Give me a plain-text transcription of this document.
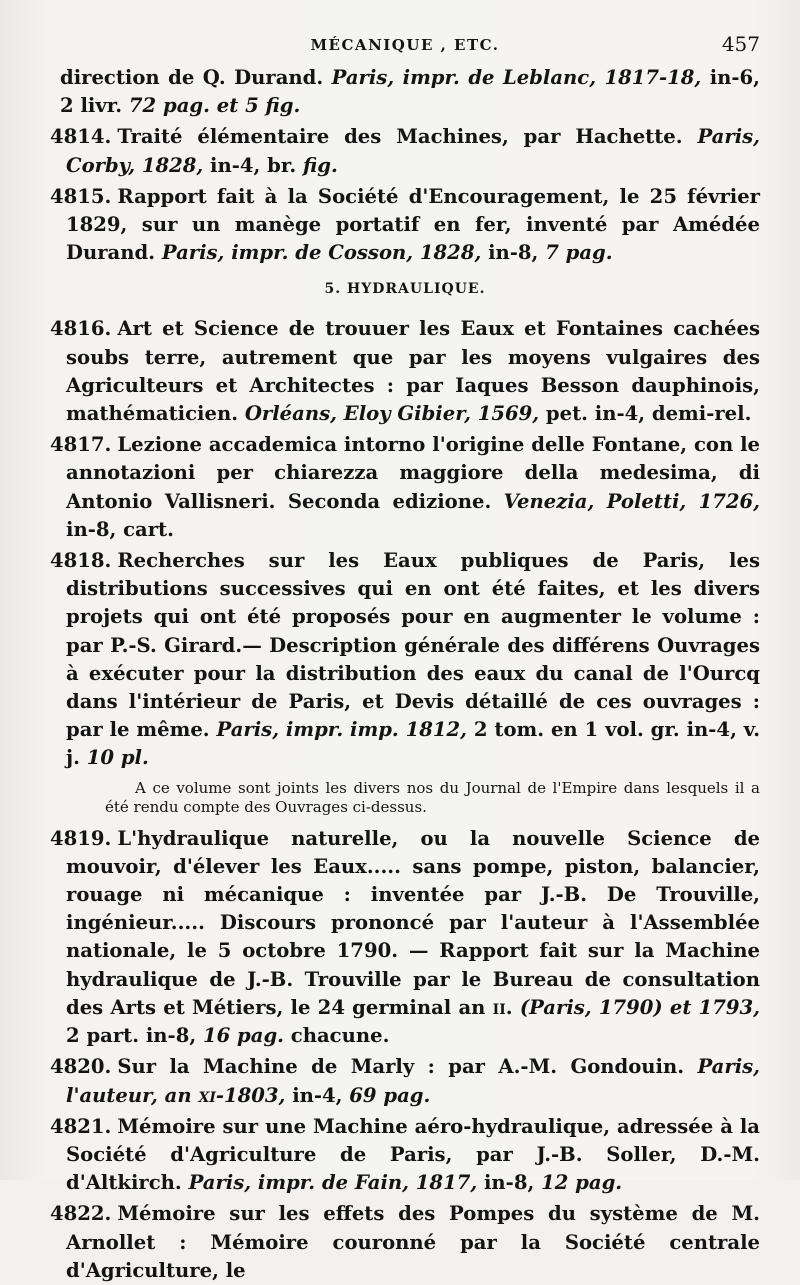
MÉCANIQUE , ETC.	457

direction de Q. Durand. Paris, impr. de Leblanc, 1817-18, in-6, 2 livr. 72 pag. et 5 fig.

4814. Traité élémentaire des Machines, par Hachette. Paris, Corby, 1828, in-4, br. fig.

4815. Rapport fait à la Société d'Encouragement, le 25 février 1829, sur un manège portatif en fer, inventé par Amédée Durand. Paris, impr. de Cosson, 1828, in-8, 7 pag.

5. HYDRAULIQUE.

4816. Art et Science de trouuer les Eaux et Fontaines cachées soubs terre, autrement que par les moyens vulgaires des Agriculteurs et Architectes : par Iaques Besson dauphinois, mathématicien. Orléans, Eloy Gibier, 1569, pet. in-4, demi-rel.

4817. Lezione accademica intorno l'origine delle Fontane, con le annotazioni per chiarezza maggiore della medesima, di Antonio Vallisneri. Seconda edizione. Venezia, Poletti, 1726, in-8, cart.

4818. Recherches sur les Eaux publiques de Paris, les distributions successives qui en ont été faites, et les divers projets qui ont été proposés pour en augmenter le volume : par P.-S. Girard.— Description générale des différens Ouvrages à exécuter pour la distribution des eaux du canal de l'Ourcq dans l'intérieur de Paris, et Devis détaillé de ces ouvrages : par le même. Paris, impr. imp. 1812, 2 tom. en 1 vol. gr. in-4, v. j. 10 pl.

A ce volume sont joints les divers nos du Journal de l'Empire dans lesquels il a été rendu compte des Ouvrages ci-dessus.

4819. L'hydraulique naturelle, ou la nouvelle Science de mouvoir, d'élever les Eaux..... sans pompe, piston, balancier, rouage ni mécanique : inventée par J.-B. De Trouville, ingénieur..... Discours prononcé par l'auteur à l'Assemblée nationale, le 5 octobre 1790. — Rapport fait sur la Machine hydraulique de J.-B. Trouville par le Bureau de consultation des Arts et Métiers, le 24 germinal an ii. (Paris, 1790) et 1793, 2 part. in-8, 16 pag. chacune.

4820. Sur la Machine de Marly : par A.-M. Gondouin. Paris, l'auteur, an xi-1803, in-4, 69 pag.

4821. Mémoire sur une Machine aéro-hydraulique, adressée à la Société d'Agriculture de Paris, par J.-B. Soller, D.-M. d'Altkirch. Paris, impr. de Fain, 1817, in-8, 12 pag.

4822. Mémoire sur les effets des Pompes du système de M. Arnollet : Mémoire couronné par la Société centrale d'Agriculture, le
